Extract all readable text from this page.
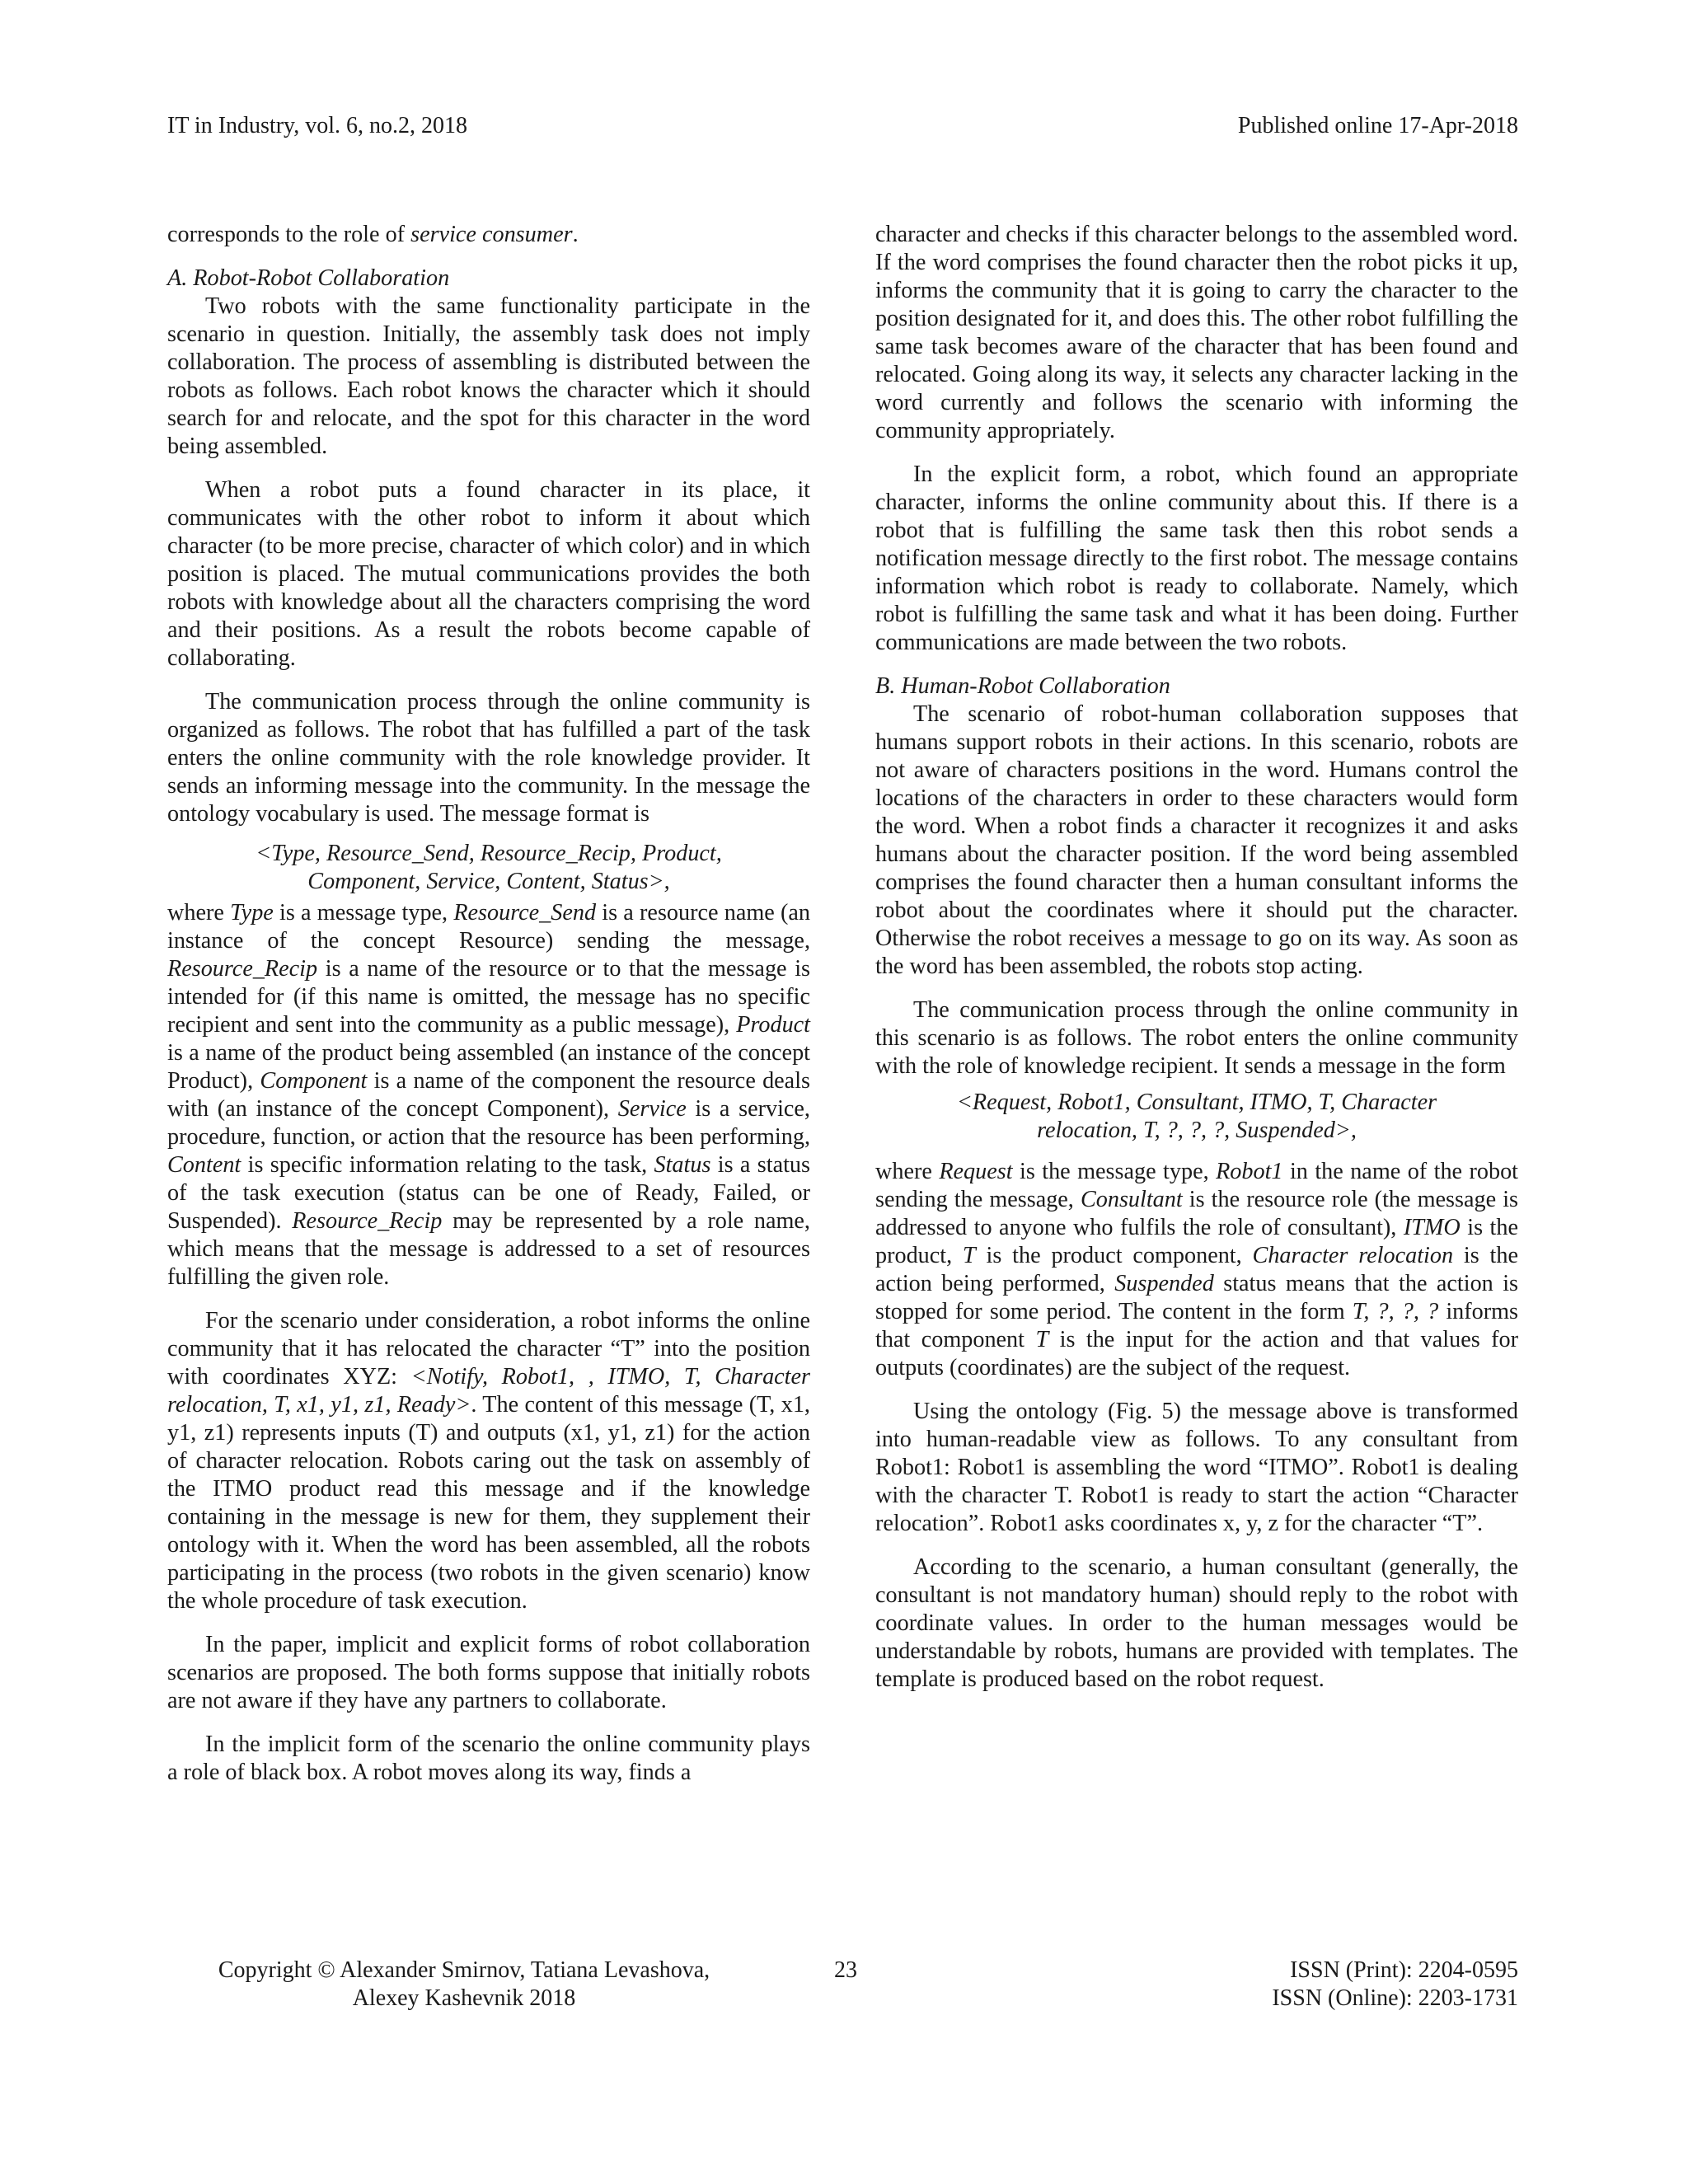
IT in Industry, vol. 6, no.2, 2018	Published online 17-Apr-2018

corresponds to the role of service consumer.

A. Robot-Robot Collaboration

Two robots with the same functionality participate in the scenario in question. Initially, the assembly task does not imply collaboration. The process of assembling is distributed between the robots as follows. Each robot knows the character which it should search for and relocate, and the spot for this character in the word being assembled.

When a robot puts a found character in its place, it communicates with the other robot to inform it about which character (to be more precise, character of which color) and in which position is placed. The mutual communications provides the both robots with knowledge about all the characters comprising the word and their positions. As a result the robots become capable of collaborating.

The communication process through the online community is organized as follows. The robot that has fulfilled a part of the task enters the online community with the role knowledge provider. It sends an informing message into the community. In the message the ontology vocabulary is used. The message format is

<Type, Resource_Send, Resource_Recip, Product,
Component, Service, Content, Status>,

where Type is a message type, Resource_Send is a resource name (an instance of the concept Resource) sending the message, Resource_Recip is a name of the resource or to that the message is intended for (if this name is omitted, the message has no specific recipient and sent into the community as a public message), Product is a name of the product being assembled (an instance of the concept Product), Component is a name of the component the resource deals with (an instance of the concept Component), Service is a service, procedure, function, or action that the resource has been performing, Content is specific information relating to the task, Status is a status of the task execution (status can be one of Ready, Failed, or Suspended). Resource_Recip may be represented by a role name, which means that the message is addressed to a set of resources fulfilling the given role.

For the scenario under consideration, a robot informs the online community that it has relocated the character “T” into the position with coordinates XYZ: <Notify, Robot1, , ITMO, T, Character relocation, T, x1, y1, z1, Ready>. The content of this message (T, x1, y1, z1) represents inputs (T) and outputs (x1, y1, z1) for the action of character relocation. Robots caring out the task on assembly of the ITMO product read this message and if the knowledge containing in the message is new for them, they supplement their ontology with it. When the word has been assembled, all the robots participating in the process (two robots in the given scenario) know the whole procedure of task execution.

In the paper, implicit and explicit forms of robot collaboration scenarios are proposed. The both forms suppose that initially robots are not aware if they have any partners to collaborate.

In the implicit form of the scenario the online community plays a role of black box. A robot moves along its way, finds a

character and checks if this character belongs to the assembled word. If the word comprises the found character then the robot picks it up, informs the community that it is going to carry the character to the position designated for it, and does this. The other robot fulfilling the same task becomes aware of the character that has been found and relocated. Going along its way, it selects any character lacking in the word currently and follows the scenario with informing the community appropriately.

In the explicit form, a robot, which found an appropriate character, informs the online community about this. If there is a robot that is fulfilling the same task then this robot sends a notification message directly to the first robot. The message contains information which robot is ready to collaborate. Namely, which robot is fulfilling the same task and what it has been doing. Further communications are made between the two robots.

B. Human-Robot Collaboration

The scenario of robot-human collaboration supposes that humans support robots in their actions. In this scenario, robots are not aware of characters positions in the word. Humans control the locations of the characters in order to these characters would form the word. When a robot finds a character it recognizes it and asks humans about the character position. If the word being assembled comprises the found character then a human consultant informs the robot about the coordinates where it should put the character. Otherwise the robot receives a message to go on its way. As soon as the word has been assembled, the robots stop acting.

The communication process through the online community in this scenario is as follows. The robot enters the online community with the role of knowledge recipient. It sends a message in the form

<Request, Robot1, Consultant, ITMO, T, Character
relocation, T, ?, ?, ?, Suspended>,

where Request is the message type, Robot1 in the name of the robot sending the message, Consultant is the resource role (the message is addressed to anyone who fulfils the role of consultant), ITMO is the product, T is the product component, Character relocation is the action being performed, Suspended status means that the action is stopped for some period. The content in the form T, ?, ?, ? informs that component T is the input for the action and that values for outputs (coordinates) are the subject of the request.

Using the ontology (Fig. 5) the message above is transformed into human-readable view as follows. To any consultant from Robot1: Robot1 is assembling the word “ITMO”. Robot1 is dealing with the character T. Robot1 is ready to start the action “Character relocation”. Robot1 asks coordinates x, y, z for the character “T”.

According to the scenario, a human consultant (generally, the consultant is not mandatory human) should reply to the robot with coordinate values. In order to the human messages would be understandable by robots, humans are provided with templates. The template is produced based on the robot request.

Copyright © Alexander Smirnov, Tatiana Levashova,
Alexey Kashevnik 2018
23	ISSN (Print): 2204-0595
ISSN (Online): 2203-1731
